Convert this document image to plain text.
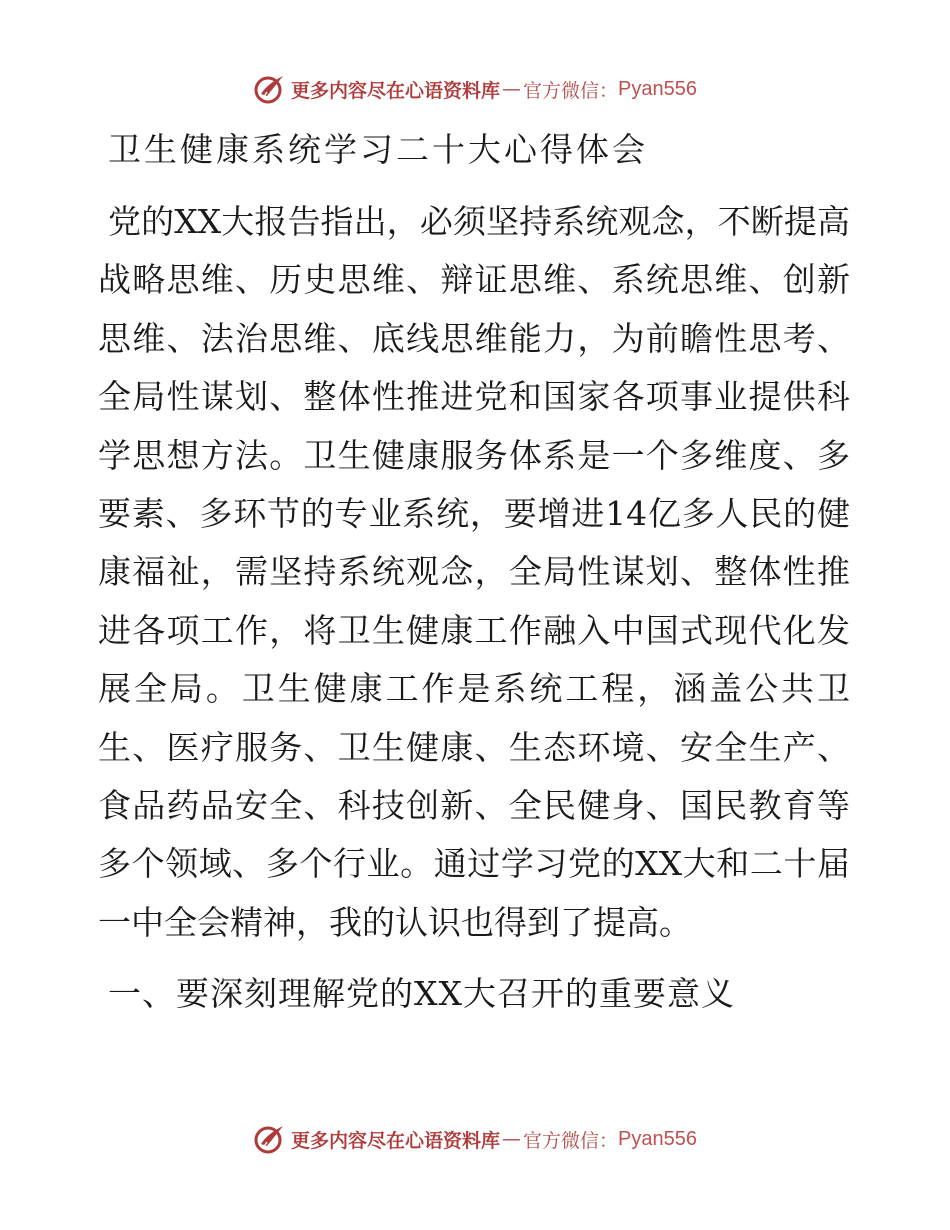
更多内容尽在心语资料库 — 官方微信： Pyan556
卫生健康系统学习二十大心得体会

党的XX大报告指出，必须坚持系统观念，不断提高战略思维、历史思维、辩证思维、系统思维、创新思维、法治思维、底线思维能力，为前瞻性思考、全局性谋划、整体性推进党和国家各项事业提供科学思想方法。卫生健康服务体系是一个多维度、多要素、多环节的专业系统，要增进14亿多人民的健康福祉，需坚持系统观念，全局性谋划、整体性推进各项工作，将卫生健康工作融入中国式现代化发展全局。卫生健康工作是系统工程，涵盖公共卫生、医疗服务、卫生健康、生态环境、安全生产、食品药品安全、科技创新、全民健身、国民教育等多个领域、多个行业。通过学习党的XX大和二十届一中全会精神，我的认识也得到了提高。

一、要深刻理解党的XX大召开的重要意义
更多内容尽在心语资料库 — 官方微信： Pyan556
